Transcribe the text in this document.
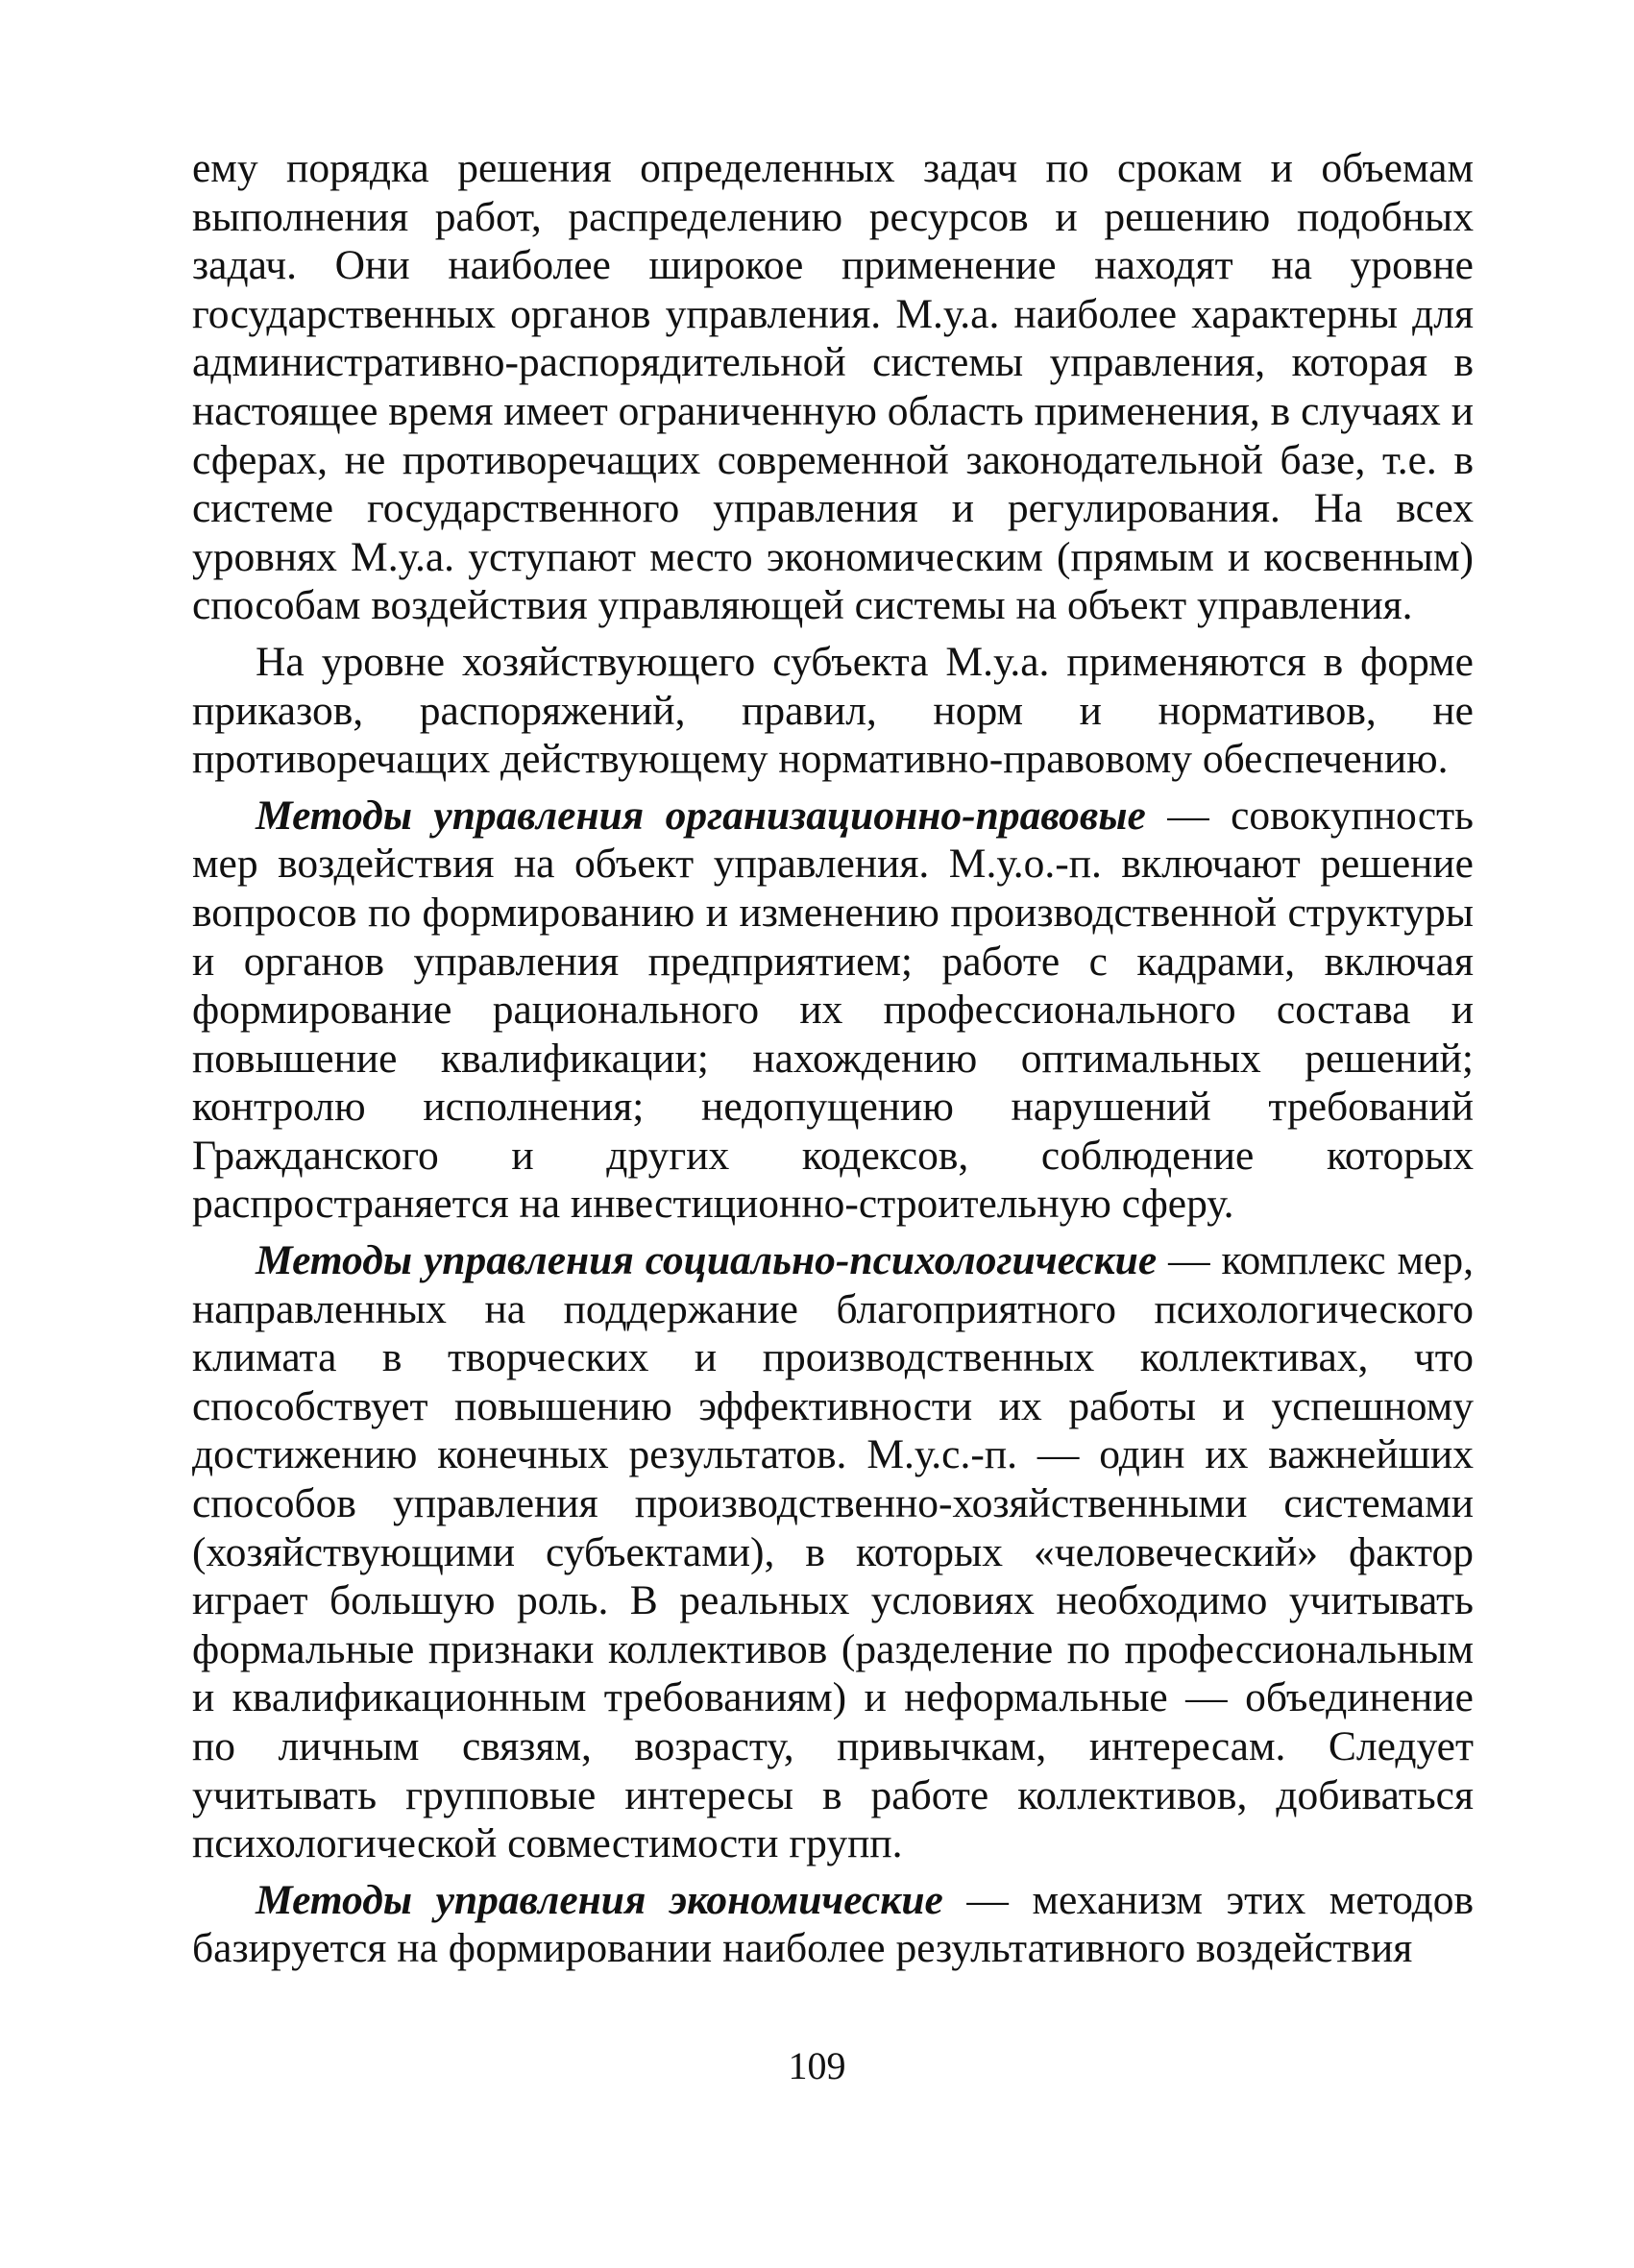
ему порядка решения определенных задач по срокам и объемам выполнения работ, распределению ресурсов и решению подобных задач. Они наиболее широкое применение находят на уровне государственных органов управления. М.у.а. наиболее характерны для административно-распорядительной системы управления, которая в настоящее время имеет ограниченную область применения, в случаях и сферах, не противоречащих современной законодательной базе, т.е. в системе государственного управления и регулирования. На всех уровнях М.у.а. уступают место экономическим (прямым и косвенным) способам воздействия управляющей системы на объект управления.

На уровне хозяйствующего субъекта М.у.а. применяются в форме приказов, распоряжений, правил, норм и нормативов, не противоречащих действующему нормативно-правовому обеспечению.

Методы управления организационно-правовые — совокупность мер воздействия на объект управления. М.у.о.-п. включают решение вопросов по формированию и изменению производственной структуры и органов управления предприятием; работе с кадрами, включая формирование рационального их профессионального состава и повышение квалификации; нахождению оптимальных решений; контролю исполнения; недопущению нарушений требований Гражданского и других кодексов, соблюдение которых распространяется на инвестиционно-строительную сферу.

Методы управления социально-психологические — комплекс мер, направленных на поддержание благоприятного психологического климата в творческих и производственных коллективах, что способствует повышению эффективности их работы и успешному достижению конечных результатов. М.у.с.-п. — один их важнейших способов управления производственно-хозяйственными системами (хозяйствующими субъектами), в которых «человеческий» фактор играет большую роль. В реальных условиях необходимо учитывать формальные признаки коллективов (разделение по профессиональным и квалификационным требованиям) и неформальные — объединение по личным связям, возрасту, привычкам, интересам. Следует учитывать групповые интересы в работе коллективов, добиваться психологической совместимости групп.

Методы управления экономические — механизм этих методов базируется на формировании наиболее результативного воздействия

109
